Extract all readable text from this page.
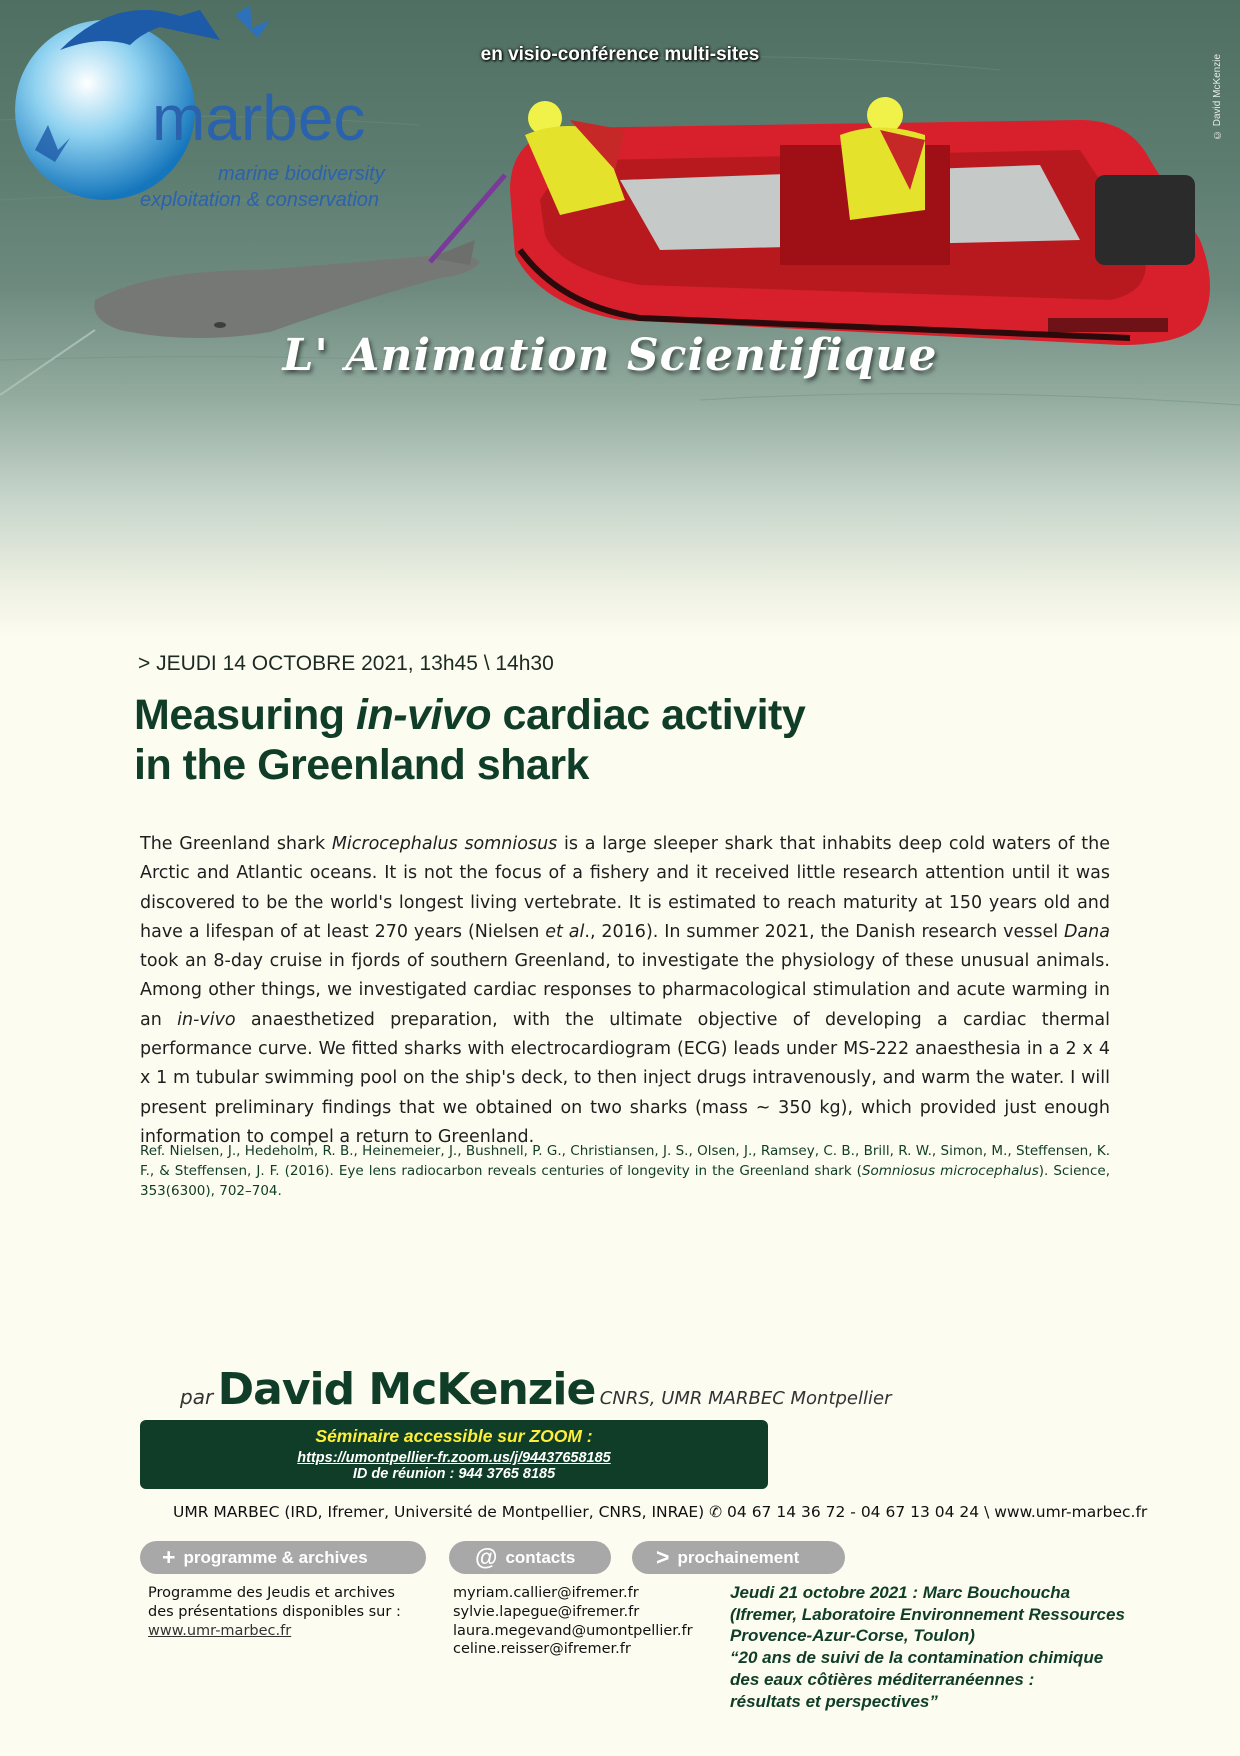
© David McKenzie
en visio-conférence multi-sites
L' Animation Scientifique
marbec
marine biodiversity
exploitation & conservation
> JEUDI 14 OCTOBRE 2021, 13h45 \ 14h30
Measuring in-vivo cardiac activity
in the Greenland shark
The Greenland shark Microcephalus somniosus is a large sleeper shark that inhabits deep cold waters of the Arctic and Atlantic oceans. It is not the focus of a fishery and it received little research attention until it was discovered to be the world's longest living vertebrate. It is estimated to reach maturity at 150 years old and have a lifespan of at least 270 years (Nielsen et al., 2016). In summer 2021, the Danish research vessel Dana took an 8-day cruise in fjords of southern Greenland, to investigate the physiology of these unusual animals. Among other things, we investigated cardiac responses to pharmacological stimulation and acute warming in an in-vivo anaesthetized preparation, with the ultimate objective of developing a cardiac thermal performance curve. We fitted sharks with electrocardiogram (ECG) leads under MS-222 anaesthesia in a 2 x 4 x 1 m tubular swimming pool on the ship's deck, to then inject drugs intravenously, and warm the water. I will present preliminary findings that we obtained on two sharks (mass ~ 350 kg), which provided just enough information to compel a return to Greenland.
Ref. Nielsen, J., Hedeholm, R. B., Heinemeier, J., Bushnell, P. G., Christiansen, J. S., Olsen, J., Ramsey, C. B., Brill, R. W., Simon, M., Steffensen, K. F., & Steffensen, J. F. (2016). Eye lens radiocarbon reveals centuries of longevity in the Greenland shark (Somniosus microcephalus). Science, 353(6300), 702–704.
par David McKenzie CNRS, UMR MARBEC Montpellier
Séminaire accessible sur ZOOM :
https://umontpellier-fr.zoom.us/j/94437658185
ID de réunion : 944 3765 8185
UMR MARBEC (IRD, Ifremer, Université de Montpellier, CNRS, INRAE) ✆ 04 67 14 36 72 - 04 67 13 04 24 \ www.umr-marbec.fr
+ programme & archives	@ contacts	> prochainement
Programme des Jeudis et archives
des présentations disponibles sur :
www.umr-marbec.fr
myriam.callier@ifremer.fr
sylvie.lapegue@ifremer.fr
laura.megevand@umontpellier.fr
celine.reisser@ifremer.fr
Jeudi 21 octobre 2021 : Marc Bouchoucha
(Ifremer, Laboratoire Environnement Ressources
Provence-Azur-Corse, Toulon)
“20 ans de suivi de la contamination chimique
des eaux côtières méditerranéennes :
résultats et perspectives”
